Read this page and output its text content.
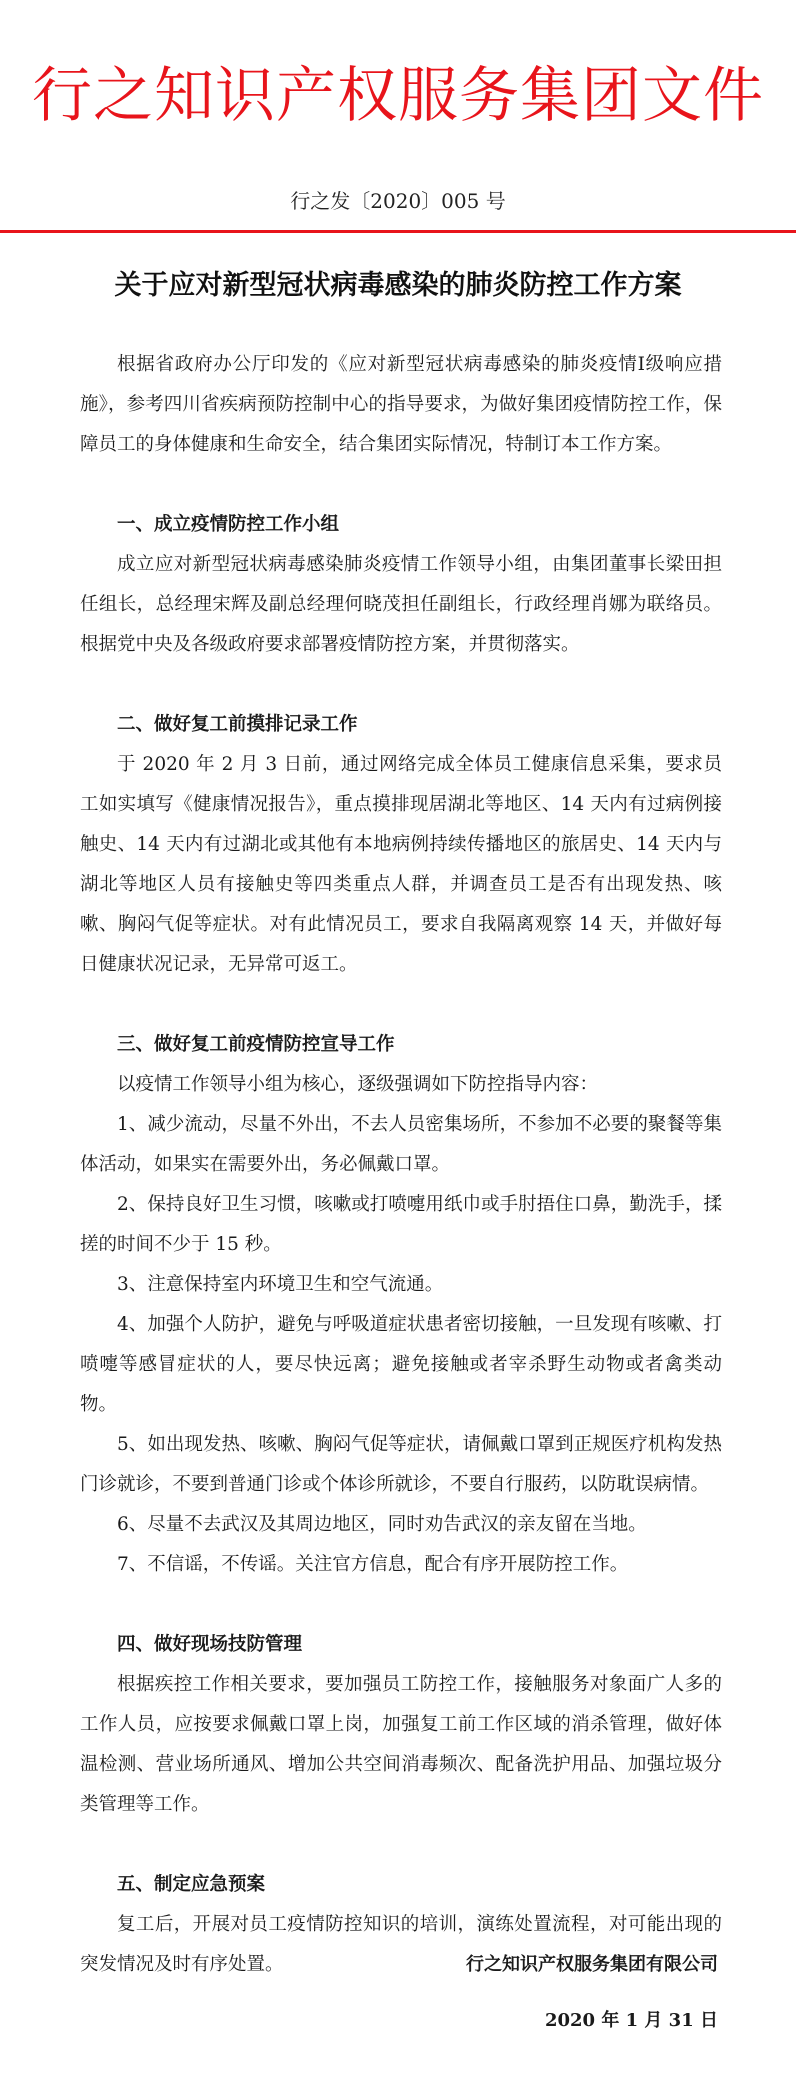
行之知识产权服务集团文件
行之发〔2020〕005 号
关于应对新型冠状病毒感染的肺炎防控工作方案

根据省政府办公厅印发的《应对新型冠状病毒感染的肺炎疫情Ⅰ级响应措施》，参考四川省疾病预防控制中心的指导要求，为做好集团疫情防控工作，保障员工的身体健康和生命安全，结合集团实际情况，特制订本工作方案。

一、成立疫情防控工作小组

成立应对新型冠状病毒感染肺炎疫情工作领导小组，由集团董事长梁田担任组长，总经理宋辉及副总经理何晓茂担任副组长，行政经理肖娜为联络员。根据党中央及各级政府要求部署疫情防控方案，并贯彻落实。

二、做好复工前摸排记录工作

于 2020 年 2 月 3 日前，通过网络完成全体员工健康信息采集，要求员工如实填写《健康情况报告》，重点摸排现居湖北等地区、14 天内有过病例接触史、14 天内有过湖北或其他有本地病例持续传播地区的旅居史、14 天内与湖北等地区人员有接触史等四类重点人群，并调查员工是否有出现发热、咳嗽、胸闷气促等症状。对有此情况员工，要求自我隔离观察 14 天，并做好每日健康状况记录，无异常可返工。

三、做好复工前疫情防控宣导工作

以疫情工作领导小组为核心，逐级强调如下防控指导内容：

1、减少流动，尽量不外出，不去人员密集场所，不参加不必要的聚餐等集体活动，如果实在需要外出，务必佩戴口罩。

2、保持良好卫生习惯，咳嗽或打喷嚏用纸巾或手肘捂住口鼻，勤洗手，揉搓的时间不少于 15 秒。

3、注意保持室内环境卫生和空气流通。

4、加强个人防护，避免与呼吸道症状患者密切接触，一旦发现有咳嗽、打喷嚏等感冒症状的人，要尽快远离；避免接触或者宰杀野生动物或者禽类动物。

5、如出现发热、咳嗽、胸闷气促等症状，请佩戴口罩到正规医疗机构发热门诊就诊，不要到普通门诊或个体诊所就诊，不要自行服药，以防耽误病情。

6、尽量不去武汉及其周边地区，同时劝告武汉的亲友留在当地。

7、不信谣，不传谣。关注官方信息，配合有序开展防控工作。

四、做好现场技防管理

根据疾控工作相关要求，要加强员工防控工作，接触服务对象面广人多的工作人员，应按要求佩戴口罩上岗，加强复工前工作区域的消杀管理，做好体温检测、营业场所通风、增加公共空间消毒频次、配备洗护用品、加强垃圾分类管理等工作。

五、制定应急预案

复工后，开展对员工疫情防控知识的培训，演练处置流程，对可能出现的突发情况及时有序处置。	行之知识产权服务集团有限公司
2020 年 1 月 31 日
